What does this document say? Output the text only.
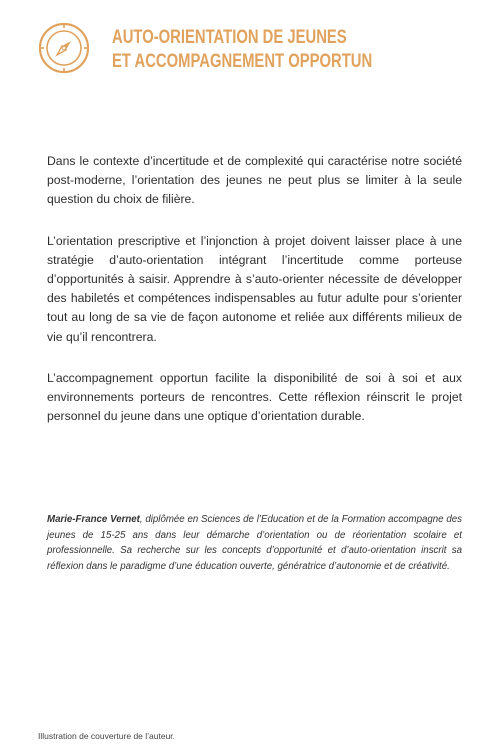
AUTO-ORIENTATION DE JEUNES
ET ACCOMPAGNEMENT OPPORTUN

Dans le contexte d’incertitude et de complexité qui caractérise notre société post-moderne, l’orientation des jeunes ne peut plus se limiter à la seule question du choix de filière.

L’orientation prescriptive et l’injonction à projet doivent laisser place à une stratégie d’auto-orientation intégrant l’incertitude comme porteuse d’opportunités à saisir. Apprendre à s’auto-orienter nécessite de développer des habiletés et compétences indispensables au futur adulte pour s’orienter tout au long de sa vie de façon autonome et reliée aux différents milieux de vie qu’il rencontrera.

L’accompagnement opportun facilite la disponibilité de soi à soi et aux environnements porteurs de rencontres. Cette réflexion réinscrit le projet personnel du jeune dans une optique d’orientation durable.

Marie-France Vernet, diplômée en Sciences de l’Education et de la Formation accompagne des jeunes de 15-25 ans dans leur démarche d’orientation ou de réorientation scolaire et professionnelle. Sa recherche sur les concepts d’opportunité et d’auto-orientation inscrit sa réflexion dans le paradigme d’une éducation ouverte, génératrice d’autonomie et de créativité.
Illustration de couverture de l’auteur.
